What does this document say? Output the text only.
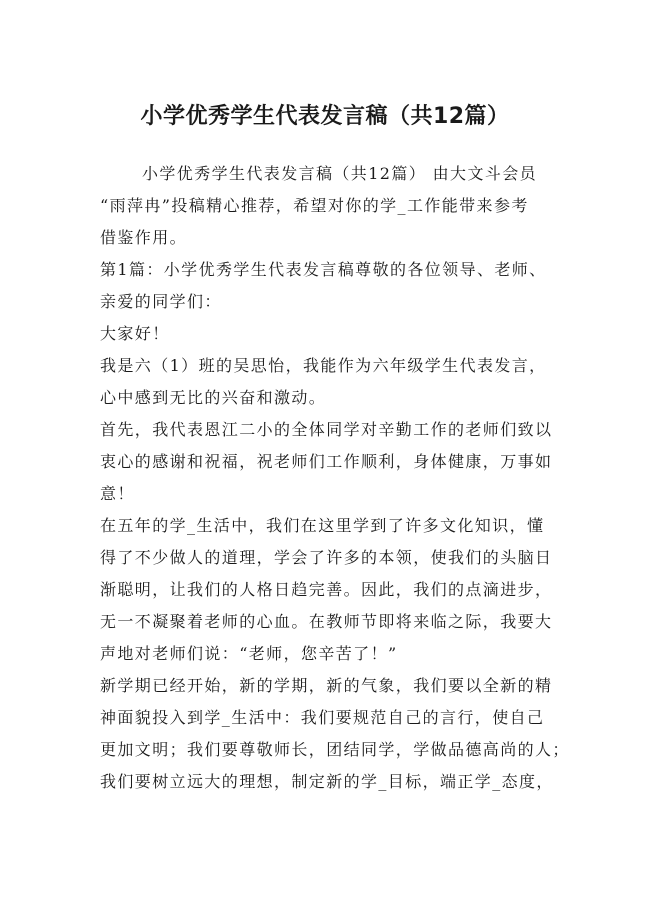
小学优秀学生代表发言稿（共12篇）

小学优秀学生代表发言稿（共12篇） 由大文斗会员
“雨萍冉”投稿精心推荐，希望对你的学_工作能带来参考
借鉴作用。

第1篇：小学优秀学生代表发言稿尊敬的各位领导、老师、
亲爱的同学们：

大家好！

我是六（1）班的吴思怡，我能作为六年级学生代表发言，
心中感到无比的兴奋和激动。

首先，我代表恩江二小的全体同学对辛勤工作的老师们致以
衷心的感谢和祝福，祝老师们工作顺利，身体健康，万事如
意！

在五年的学_生活中，我们在这里学到了许多文化知识，懂
得了不少做人的道理，学会了许多的本领，使我们的头脑日
渐聪明，让我们的人格日趋完善。因此，我们的点滴进步，
无一不凝聚着老师的心血。在教师节即将来临之际，我要大
声地对老师们说：“老师，您辛苦了！”

新学期已经开始，新的学期，新的气象，我们要以全新的精
神面貌投入到学_生活中：我们要规范自己的言行，使自己
更加文明；我们要尊敬师长，团结同学，学做品德高尚的人；
我们要树立远大的理想，制定新的学_目标，端正学_态度，
